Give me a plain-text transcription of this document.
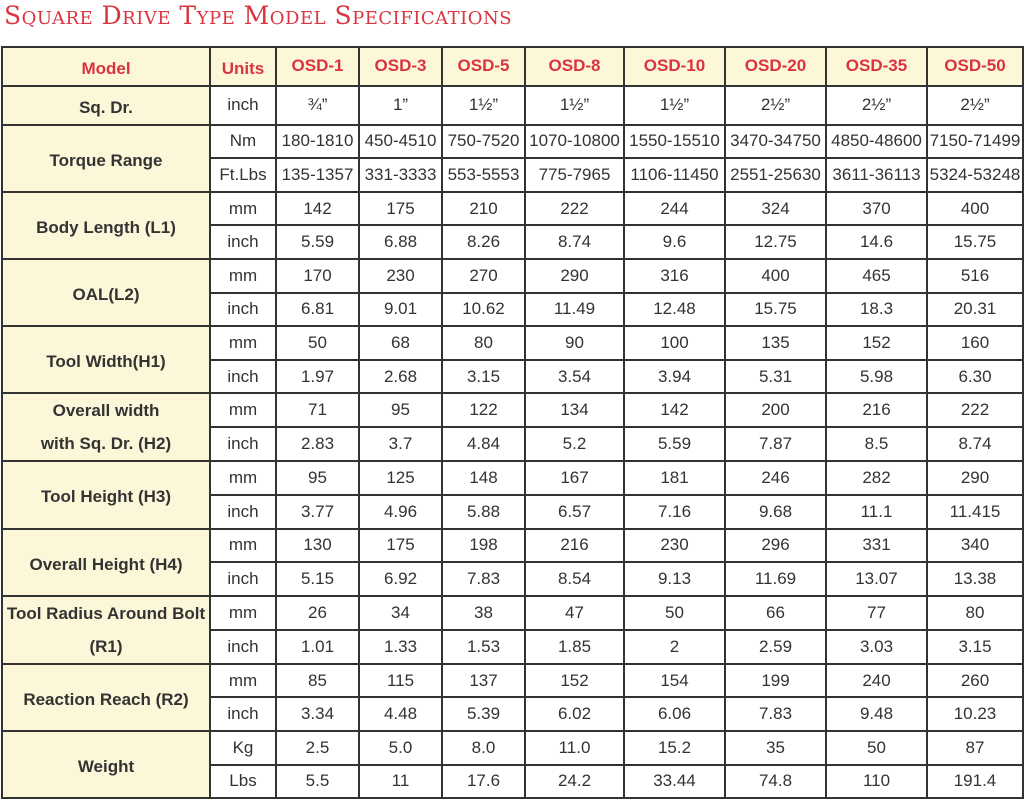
Square Drive Type Model Specifications
Model	Units	OSD-1	OSD-3	OSD-5	OSD-8	OSD-10	OSD-20	OSD-35	OSD-50
Sq. Dr.	inch	¾”	1”	1½”	1½”	1½”	2½”	2½”	2½”
Torque Range	Nm	180-1810	450-4510	750-7520	1070-10800	1550-15510	3470-34750	4850-48600	7150-71499
	Ft.Lbs	135-1357	331-3333	553-5553	775-7965	1106-11450	2551-25630	3611-36113	5324-53248
Body Length (L1)	mm	142	175	210	222	244	324	370	400
	inch	5.59	6.88	8.26	8.74	9.6	12.75	14.6	15.75
OAL(L2)	mm	170	230	270	290	316	400	465	516
	inch	6.81	9.01	10.62	11.49	12.48	15.75	18.3	20.31
Tool Width(H1)	mm	50	68	80	90	100	135	152	160
	inch	1.97	2.68	3.15	3.54	3.94	5.31	5.98	6.30

Overall width
with Sq. Dr. (H2)	mm	71	95	122	134	142	200	216	222
	inch	2.83	3.7	4.84	5.2	5.59	7.87	8.5	8.74
Tool Height (H3)	mm	95	125	148	167	181	246	282	290
	inch	3.77	4.96	5.88	6.57	7.16	9.68	11.1	11.415
Overall Height (H4)	mm	130	175	198	216	230	296	331	340
	inch	5.15	6.92	7.83	8.54	9.13	11.69	13.07	13.38

Tool Radius Around Bolt
(R1)	mm	26	34	38	47	50	66	77	80
	inch	1.01	1.33	1.53	1.85	2	2.59	3.03	3.15
Reaction Reach (R2)	mm	85	115	137	152	154	199	240	260
	inch	3.34	4.48	5.39	6.02	6.06	7.83	9.48	10.23
Weight	Kg	2.5	5.0	8.0	11.0	15.2	35	50	87
	Lbs	5.5	11	17.6	24.2	33.44	74.8	110	191.4
